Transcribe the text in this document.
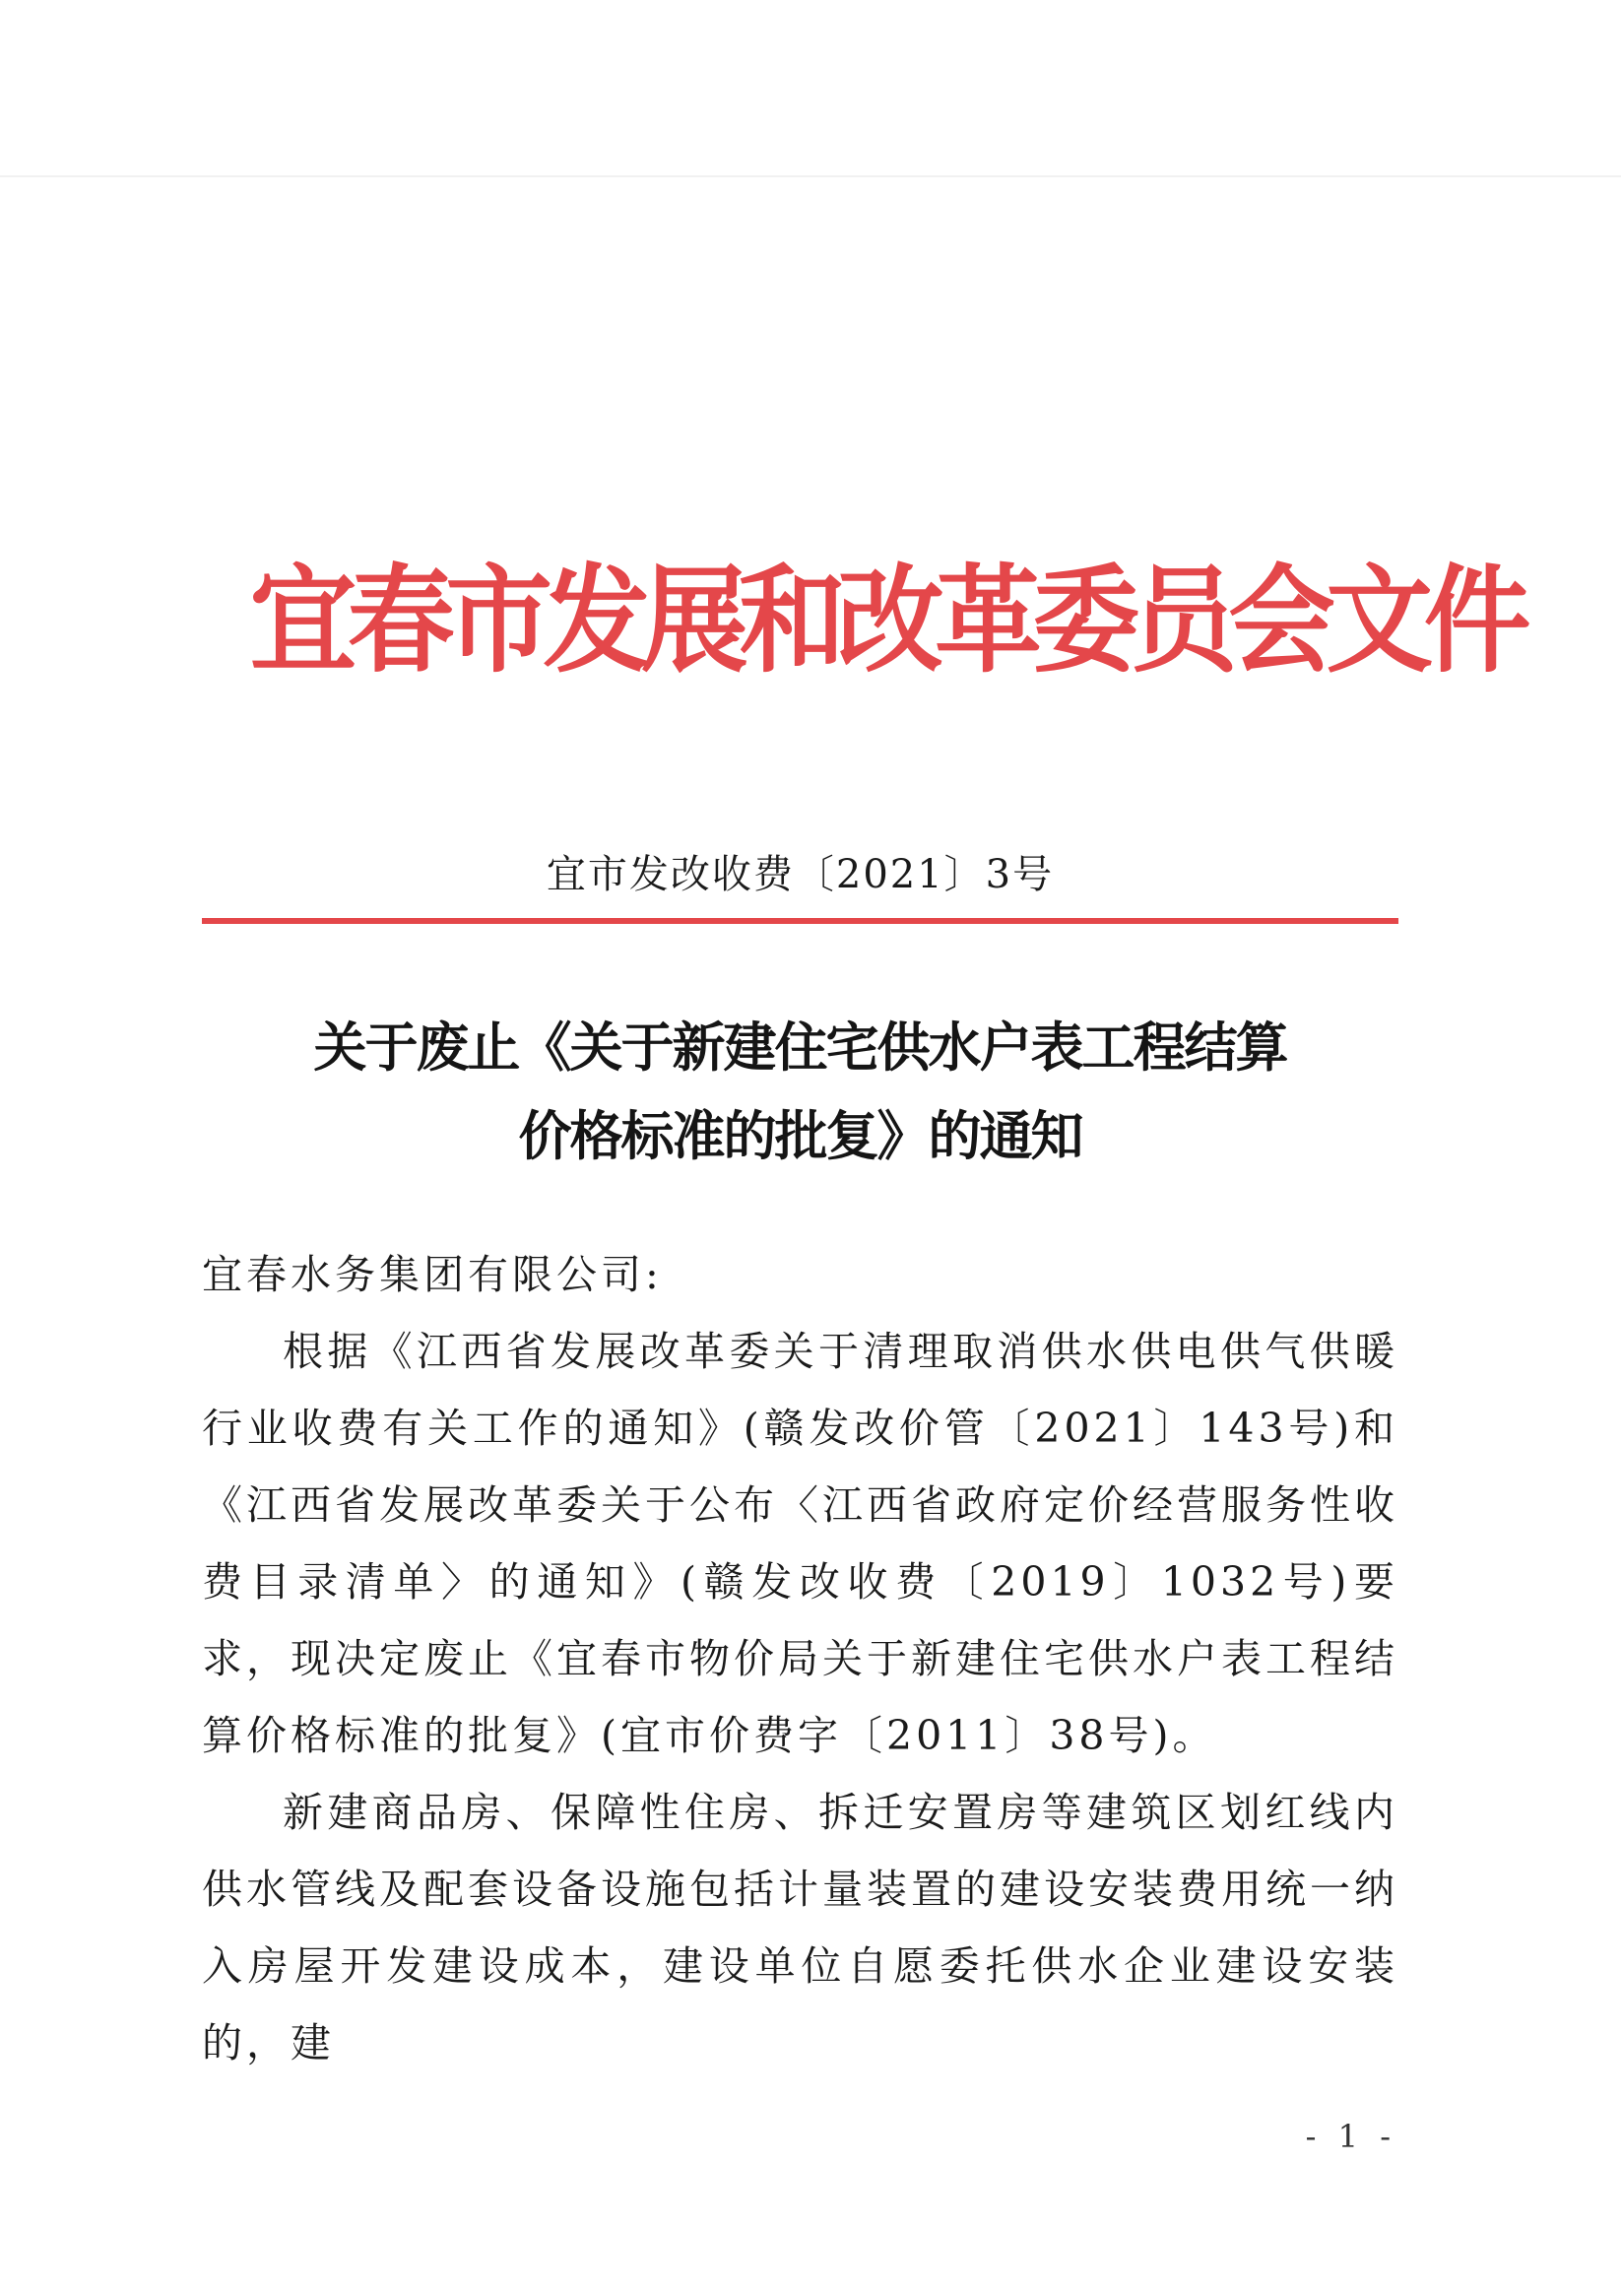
宜春市发展和改革委员会文件
宜市发改收费〔2021〕3号
关于废止《关于新建住宅供水户表工程结算
价格标准的批复》的通知
宜春水务集团有限公司:

根据《江西省发展改革委关于清理取消供水供电供气供暖行业收费有关工作的通知》(赣发改价管〔2021〕143号)和《江西省发展改革委关于公布〈江西省政府定价经营服务性收费目录清单〉的通知》(赣发改收费〔2019〕1032号)要求，现决定废止《宜春市物价局关于新建住宅供水户表工程结算价格标准的批复》(宜市价费字〔2011〕38号)。

新建商品房、保障性住房、拆迁安置房等建筑区划红线内供水管线及配套设备设施包括计量装置的建设安装费用统一纳入房屋开发建设成本，建设单位自愿委托供水企业建设安装的，建

- 1 -
